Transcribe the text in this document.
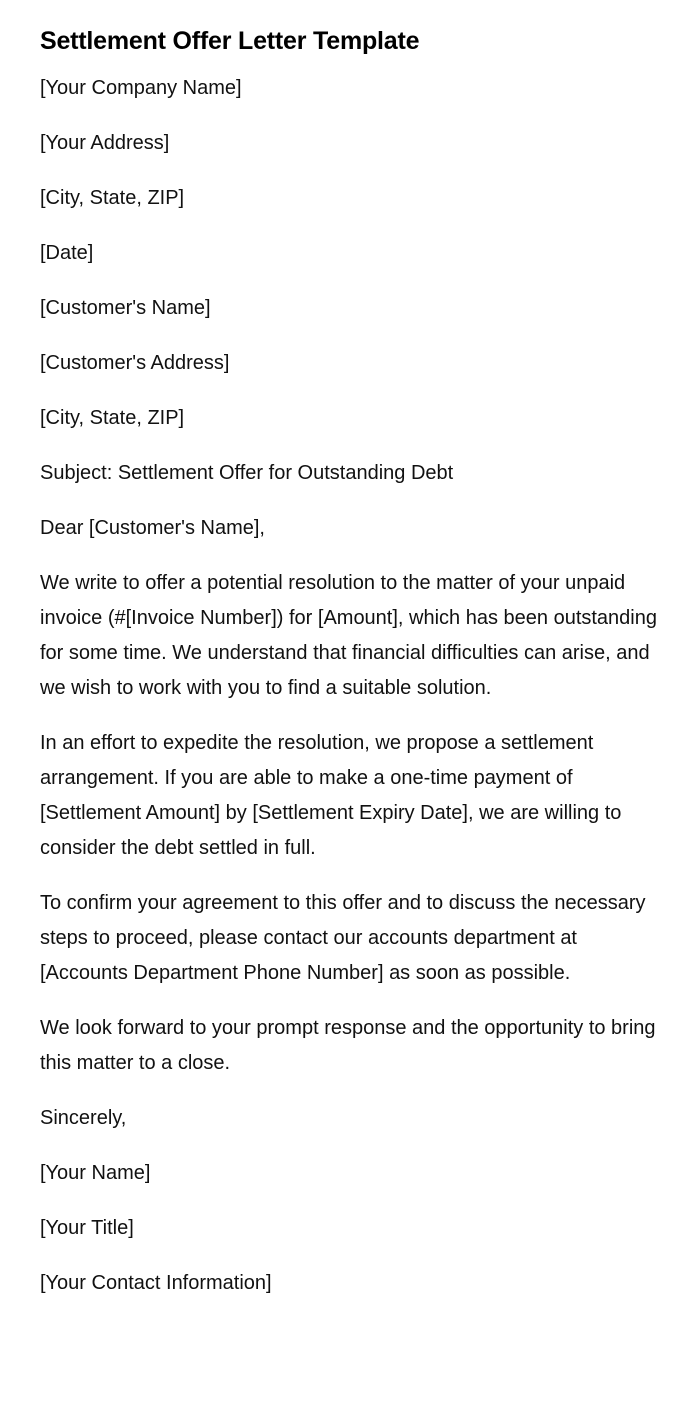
Settlement Offer Letter Template

[Your Company Name]

[Your Address]

[City, State, ZIP]

[Date]

[Customer's Name]

[Customer's Address]

[City, State, ZIP]

Subject: Settlement Offer for Outstanding Debt

Dear [Customer's Name],

We write to offer a potential resolution to the matter of your unpaid invoice (#[Invoice Number]) for [Amount], which has been outstanding for some time. We understand that financial difficulties can arise, and we wish to work with you to find a suitable solution.

In an effort to expedite the resolution, we propose a settlement arrangement. If you are able to make a one-time payment of [Settlement Amount] by [Settlement Expiry Date], we are willing to consider the debt settled in full.

To confirm your agreement to this offer and to discuss the necessary steps to proceed, please contact our accounts department at [Accounts Department Phone Number] as soon as possible.

We look forward to your prompt response and the opportunity to bring this matter to a close.

Sincerely,

[Your Name]

[Your Title]

[Your Contact Information]
